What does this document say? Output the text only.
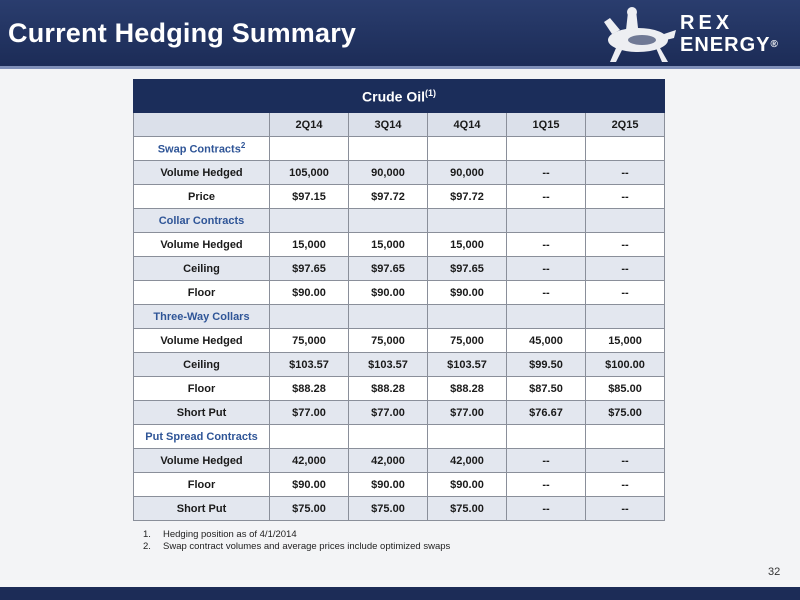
Current Hedging Summary	REX
ENERGY®
Crude Oil$^{(1)}$
	2Q14	3Q14	4Q14	1Q15	2Q15
Swap Contracts$^2$					
Volume Hedged	105,000	90,000	90,000	--	--
Price	$97.15	$97.72	$97.72	--	--
Collar Contracts					
Volume Hedged	15,000	15,000	15,000	--	--
Ceiling	$97.65	$97.65	$97.65	--	--
Floor	$90.00	$90.00	$90.00	--	--
Three-Way Collars					
Volume Hedged	75,000	75,000	75,000	45,000	15,000
Ceiling	$103.57	$103.57	$103.57	$99.50	$100.00
Floor	$88.28	$88.28	$88.28	$87.50	$85.00
Short Put	$77.00	$77.00	$77.00	$76.67	$75.00
Put Spread Contracts					
Volume Hedged	42,000	42,000	42,000	--	--
Floor	$90.00	$90.00	$90.00	--	--
Short Put	$75.00	$75.00	$75.00	--	--
1. Hedging position as of 4/1/2014
2. Swap contract volumes and average prices include optimized swaps
32
